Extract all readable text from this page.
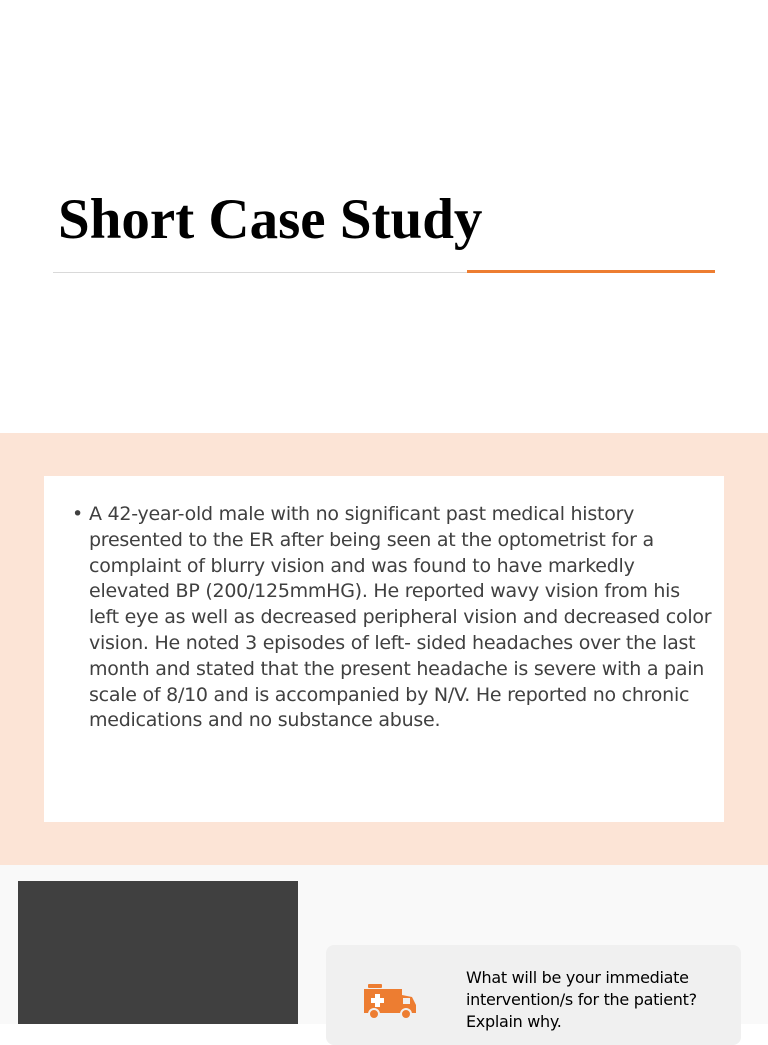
Short Case Study
• A 42-year-old male with no significant past medical history presented to the ER after being seen at the optometrist for a complaint of blurry vision and was found to have markedly elevated BP (200/125mmHG). He reported wavy vision from his left eye as well as decreased peripheral vision and decreased color vision. He noted 3 episodes of left- sided headaches over the last month and stated that the present headache is severe with a pain scale of 8/10 and is accompanied by N/V. He reported no chronic medications and no substance abuse.
What will be your immediate intervention/s for the patient? Explain why.
